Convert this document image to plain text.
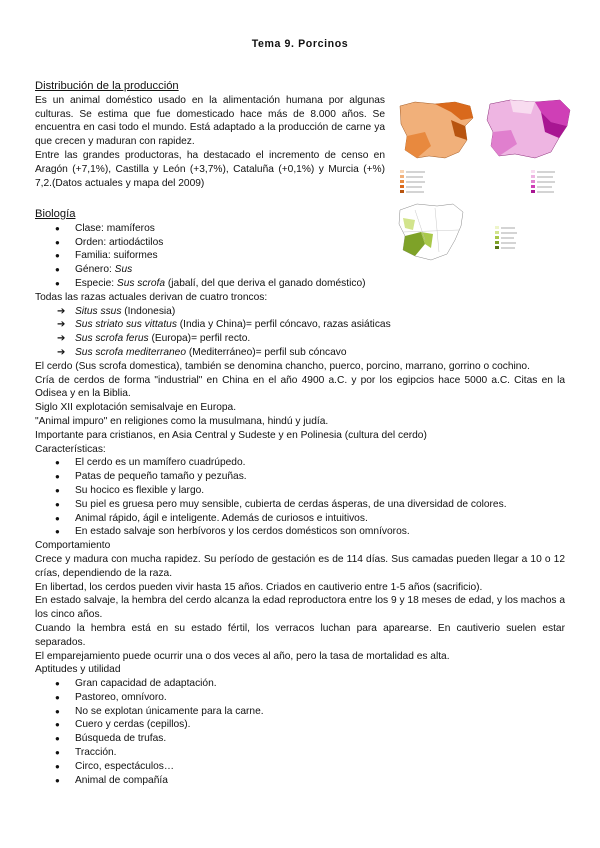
Tema 9. Porcinos
Distribución de la producción
Es un animal doméstico usado en la alimentación humana por algunas culturas. Se estima que fue domesticado hace más de 8.000 años. Se encuentra en casi todo el mundo. Está adaptado a la producción de carne ya que crecen y maduran con rapidez.
Entre las grandes productoras, ha destacado el incremento de censo en Aragón (+7,1%), Castilla y León (+3,7%), Cataluña (+0,1%) y Murcia (+%) 7,2.(Datos actuales y mapa del 2009)
Biología
●	Clase: mamíferos
●	Orden: artiodáctilos
●	Familia: suiformes
●	Género: Sus
●	Especie: Sus scrofa (jabalí, del que deriva el ganado doméstico)
Todas las razas actuales derivan de cuatro troncos:
➔ Situs ssus (Indonesia)
➔ Sus striato sus vittatus (India y China)= perfil cóncavo, razas asiáticas
➔ Sus scrofa ferus (Europa)= perfil recto.
➔ Sus scrofa mediterraneo (Mediterráneo)= perfil sub cóncavo
El cerdo (Sus scrofa domestica), también se denomina chancho, puerco, porcino, marrano, gorrino o cochino.
Cría de cerdos de forma "industrial" en China en el año 4900 a.C. y por los egipcios hace 5000 a.C. Citas en la Odisea y en la Biblia.
Siglo XII explotación semisalvaje en Europa.
"Animal impuro" en religiones como la musulmana, hindú y judía.
Importante para cristianos, en Asia Central y Sudeste y en Polinesia (cultura del cerdo)
Características:
●	El cerdo es un mamífero cuadrúpedo.
●	Patas de pequeño tamaño y pezuñas.
●	Su hocico es flexible y largo.
●	Su piel es gruesa pero muy sensible, cubierta de cerdas ásperas, de una diversidad de colores.
●	Animal rápido, ágil e inteligente. Además de curiosos e intuitivos.
●	En estado salvaje son herbívoros y los cerdos domésticos son omnívoros.
Comportamiento
Crece y madura con mucha rapidez. Su período de gestación es de 114 días. Sus camadas pueden llegar a 10 o 12 crías, dependiendo de la raza.
En libertad, los cerdos pueden vivir hasta 15 años. Criados en cautiverio entre 1-5 años (sacrificio).
En estado salvaje, la hembra del cerdo alcanza la edad reproductora entre los 9 y 18 meses de edad, y los machos a los cinco años.
Cuando la hembra está en su estado fértil, los verracos luchan para aparearse. En cautiverio suelen estar separados.
El emparejamiento puede ocurrir una o dos veces al año, pero la tasa de mortalidad es alta.
Aptitudes y utilidad
●	Gran capacidad de adaptación.
●	Pastoreo, omnívoro.
●	No se explotan únicamente para la carne.
●	Cuero y cerdas (cepillos).
●	Búsqueda de trufas.
●	Tracción.
●	Circo, espectáculos…
●	Animal de compañía
